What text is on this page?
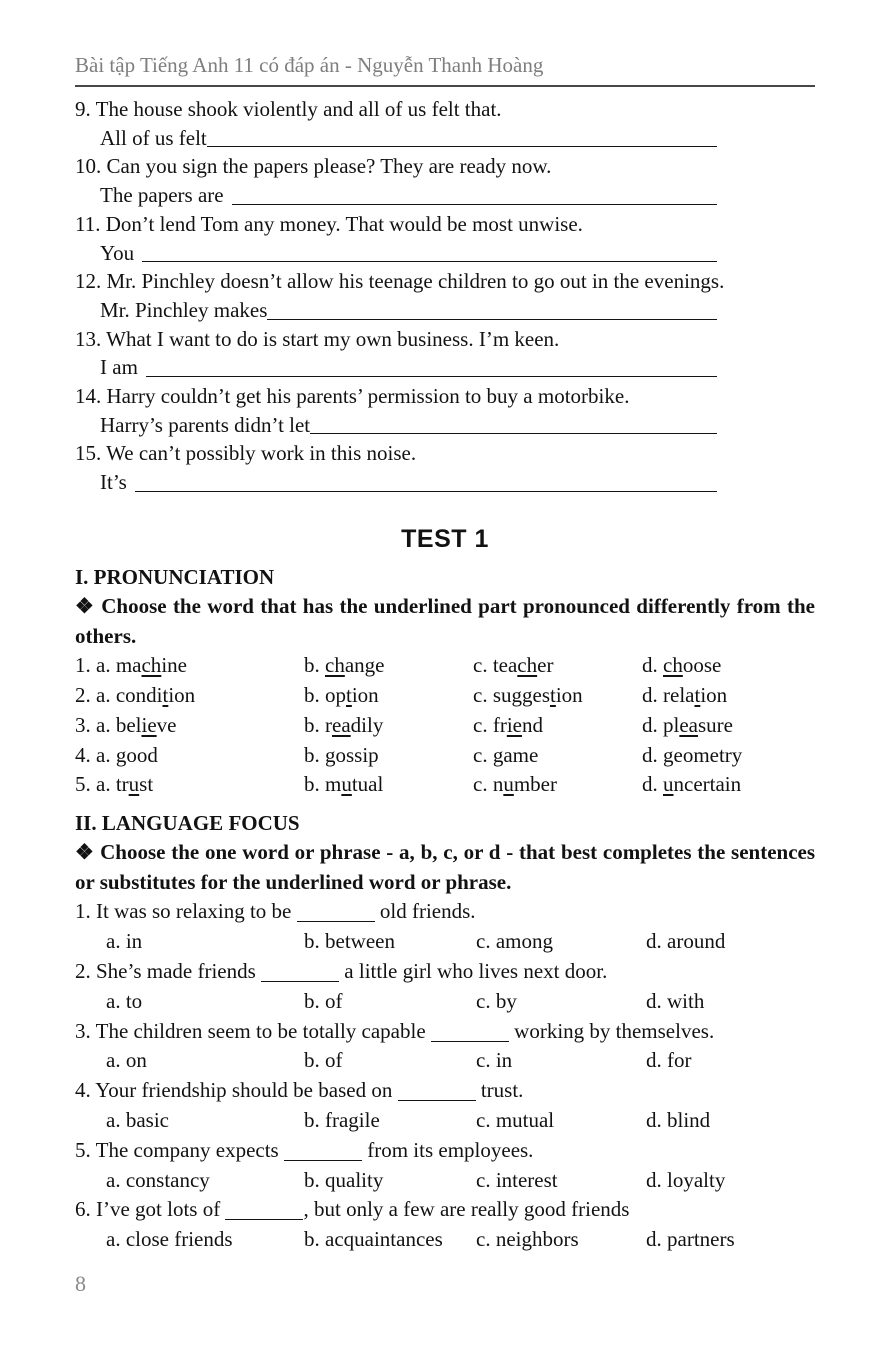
Bài tập Tiếng Anh 11 có đáp án - Nguyễn Thanh Hoàng
9. The house shook violently and all of us felt that.
All of us felt
10. Can you sign the papers please? They are ready now.
The papers are
11. Don’t lend Tom any money. That would be most unwise.
You
12. Mr. Pinchley doesn’t allow his teenage children to go out in the evenings.
Mr. Pinchley makes
13. What I want to do is start my own business. I’m keen.
I am
14. Harry couldn’t get his parents’ permission to buy a motorbike.
Harry’s parents didn’t let
15. We can’t possibly work in this noise.
It’s
TEST 1
I. PRONUNCIATION

❖ Choose the word that has the underlined part pronounced differently from the others.

1. a. machine	b. change	c. teacher	d. choose
2. a. condition	b. option	c. suggestion	d. relation
3. a. believe	b. readily	c. friend	d. pleasure
4. a. good	b. gossip	c. game	d. geometry
5. a. trust	b. mutual	c. number	d. uncertain
II. LANGUAGE FOCUS

❖ Choose the one word or phrase - a, b, c, or d - that best completes the sentences or substitutes for the underlined word or phrase.

1. It was so relaxing to be	old friends.
a. in	b. between	c. among	d. around
2. She’s made friends	a little girl who lives next door.
a. to	b. of	c. by	d. with
3. The children seem to be totally capable	working by themselves.
a. on	b. of	c. in	d. for
4. Your friendship should be based on	trust.
a. basic	b. fragile	c. mutual	d. blind
5. The company expects	from its employees.
a. constancy	b. quality	c. interest	d. loyalty
6. I’ve got lots of	, but only a few are really good friends
a. close friends	b. acquaintances c. neighbors	d. partners
8
